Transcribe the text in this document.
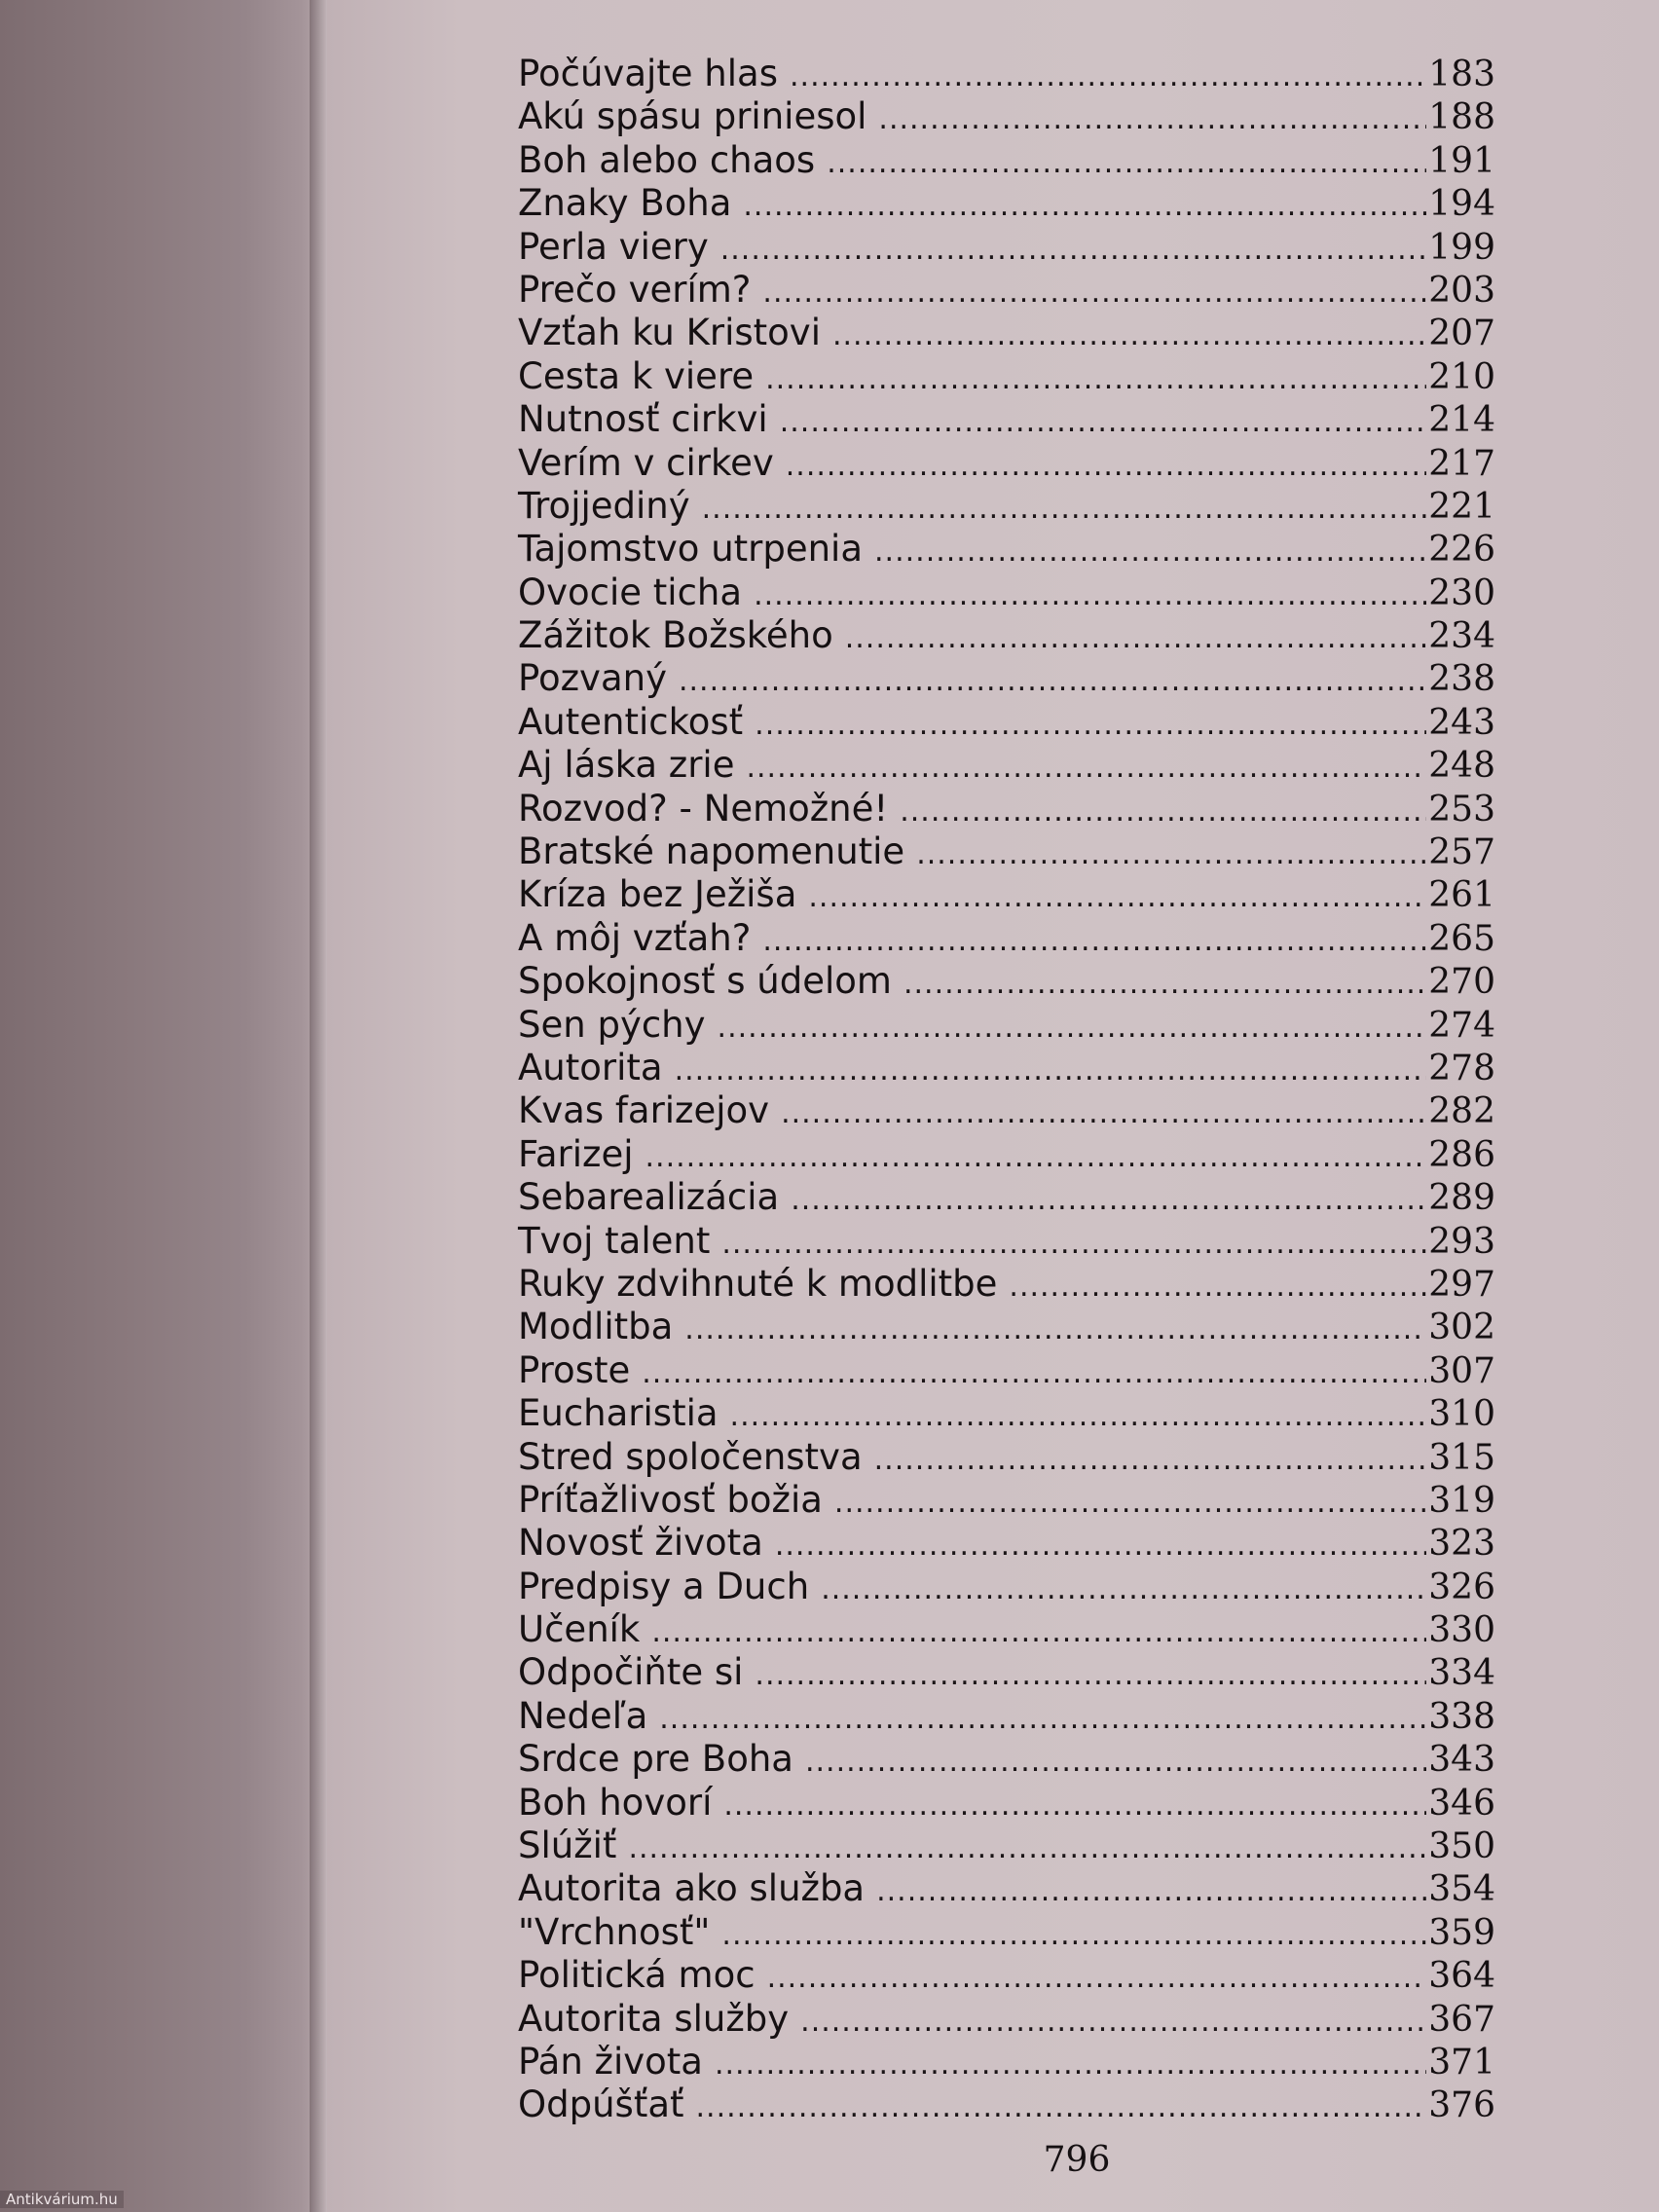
Počúvajte hlas .....	183
Akú spásu priniesol .....	188
Boh alebo chaos .....	191
Znaky Boha .....	194
Perla viery .....	199
Prečo verím? .....	203
Vzťah ku Kristovi .....	207
Cesta k viere .....	210
Nutnosť cirkvi .....	214
Verím v cirkev .....	217
Trojjediný .....	221
Tajomstvo utrpenia .....	226
Ovocie ticha .....	230
Zážitok Božského .....	234
Pozvaný .....	238
Autentickosť .....	243
Aj láska zrie .....	248
Rozvod? - Nemožné! .....	253
Bratské napomenutie .....	257
Kríza bez Ježiša .....	261
A môj vzťah? .....	265
Spokojnosť s údelom .....	270
Sen pýchy .....	274
Autorita .....	278
Kvas farizejov .....	282
Farizej .....	286
Sebarealizácia .....	289
Tvoj talent .....	293
Ruky zdvihnuté k modlitbe .....	297
Modlitba .....	302
Proste .....	307
Eucharistia .....	310
Stred spoločenstva .....	315
Príťažlivosť božia .....	319
Novosť života .....	323
Predpisy a Duch .....	326
Učeník .....	330
Odpočiňte si .....	334
Nedeľa .....	338
Srdce pre Boha .....	343
Boh hovorí .....	346
Slúžiť .....	350
Autorita ako služba .....	354
"Vrchnosť" .....	359
Politická moc .....	364
Autorita služby .....	367
Pán života .....	371
Odpúšťať .....	376
796
Antikvárium.hu
